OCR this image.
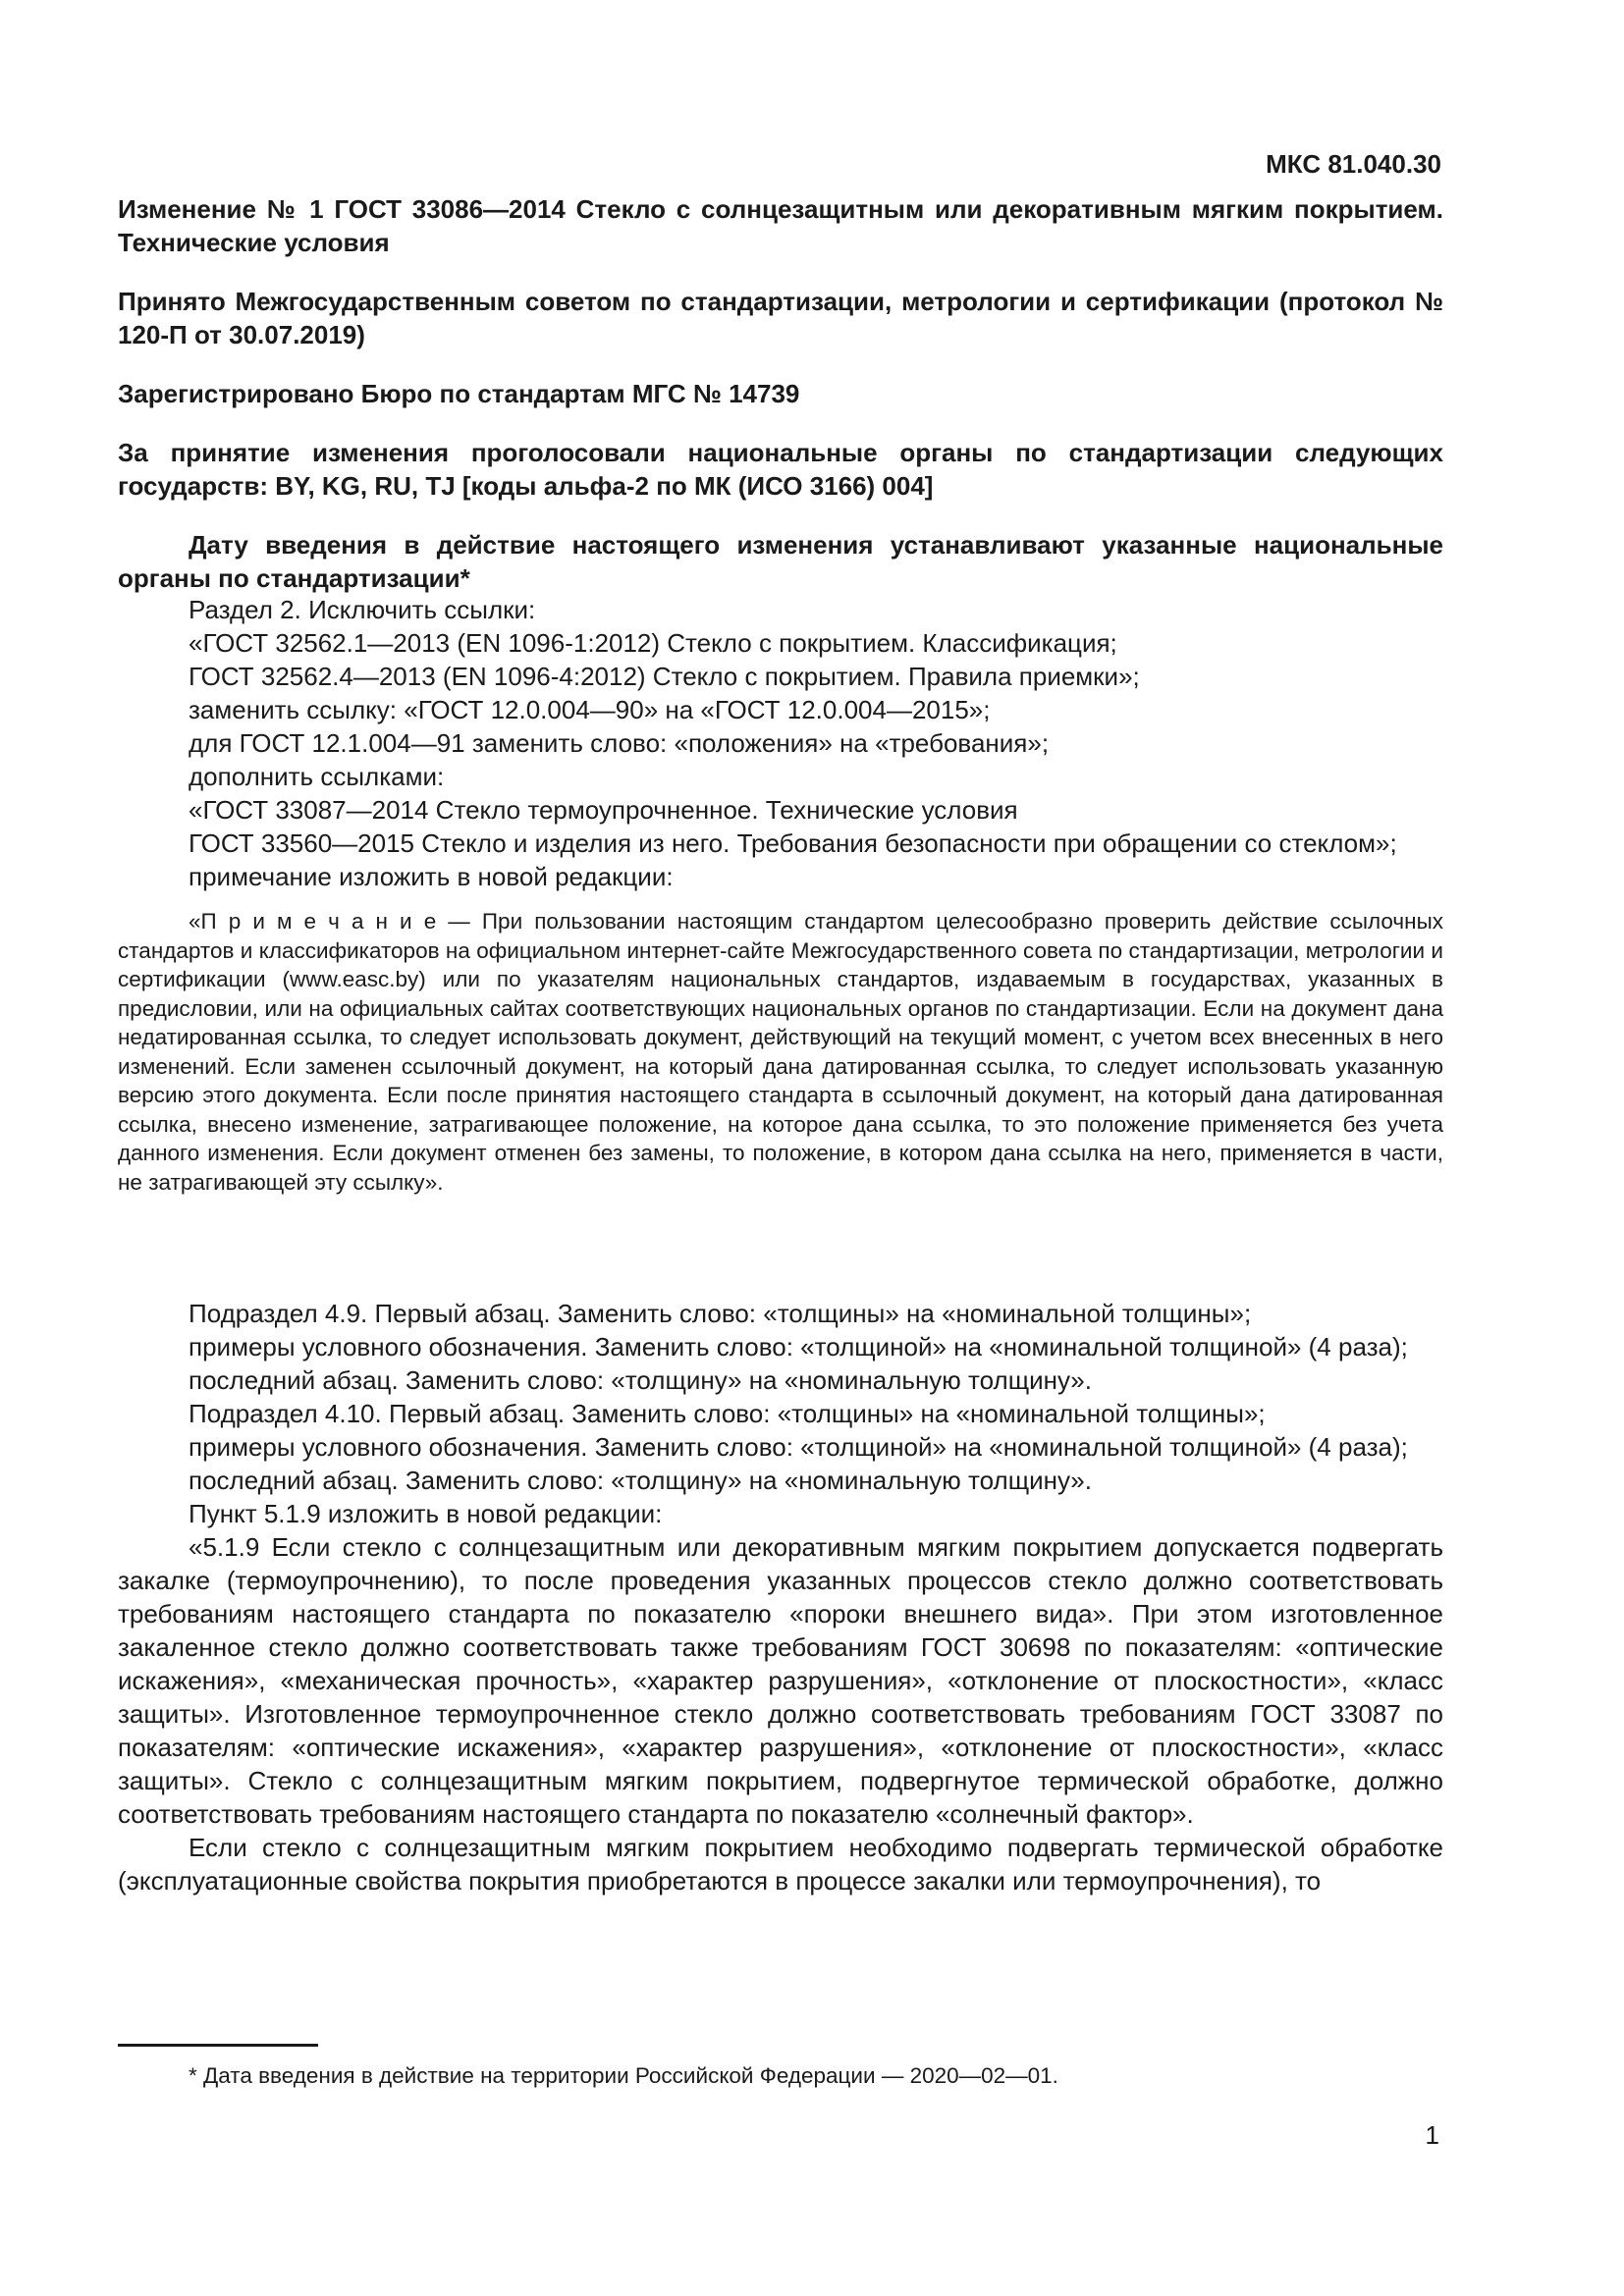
МКС 81.040.30

Изменение № 1 ГОСТ 33086—2014 Стекло с солнцезащитным или декоративным мягким покрытием. Технические условия

Принято Межгосударственным советом по стандартизации, метрологии и сертификации (протокол № 120-П от 30.07.2019)

Зарегистрировано Бюро по стандартам МГС № 14739

За принятие изменения проголосовали национальные органы по стандартизации следующих государств: BY, KG, RU, TJ [коды альфа-2 по МК (ИСО 3166) 004]

Дату введения в действие настоящего изменения устанавливают указанные национальные органы по стандартизации*

Раздел 2. Исключить ссылки:

«ГОСТ 32562.1—2013 (EN 1096-1:2012) Стекло с покрытием. Классификация;

ГОСТ 32562.4—2013 (EN 1096-4:2012) Стекло с покрытием. Правила приемки»;

заменить ссылку: «ГОСТ 12.0.004—90» на «ГОСТ 12.0.004—2015»;

для ГОСТ 12.1.004—91 заменить слово: «положения» на «требования»;

дополнить ссылками:

«ГОСТ 33087—2014 Стекло термоупрочненное. Технические условия

ГОСТ 33560—2015 Стекло и изделия из него. Требования безопасности при обращении со стеклом»;

примечание изложить в новой редакции:

«П р и м е ч а н и е — При пользовании настоящим стандартом целесообразно проверить действие ссылочных стандартов и классификаторов на официальном интернет-сайте Межгосударственного совета по стандартизации, метрологии и сертификации (www.easc.by) или по указателям национальных стандартов, издаваемым в государствах, указанных в предисловии, или на официальных сайтах соответствующих национальных органов по стандартизации. Если на документ дана недатированная ссылка, то следует использовать документ, действующий на текущий момент, с учетом всех внесенных в него изменений. Если заменен ссылочный документ, на который дана датированная ссылка, то следует использовать указанную версию этого документа. Если после принятия настоящего стандарта в ссылочный документ, на который дана датированная ссылка, внесено изменение, затрагивающее положение, на которое дана ссылка, то это положение применяется без учета данного изменения. Если документ отменен без замены, то положение, в котором дана ссылка на него, применяется в части, не затрагивающей эту ссылку».

Подраздел 4.9. Первый абзац. Заменить слово: «толщины» на «номинальной толщины»;

примеры условного обозначения. Заменить слово: «толщиной» на «номинальной толщиной» (4 раза);

последний абзац. Заменить слово: «толщину» на «номинальную толщину».

Подраздел 4.10. Первый абзац. Заменить слово: «толщины» на «номинальной толщины»;

примеры условного обозначения. Заменить слово: «толщиной» на «номинальной толщиной» (4 раза);

последний абзац. Заменить слово: «толщину» на «номинальную толщину».

Пункт 5.1.9 изложить в новой редакции:

«5.1.9 Если стекло с солнцезащитным или декоративным мягким покрытием допускается подвергать закалке (термоупрочнению), то после проведения указанных процессов стекло должно соответствовать требованиям настоящего стандарта по показателю «пороки внешнего вида». При этом изготовленное закаленное стекло должно соответствовать также требованиям ГОСТ 30698 по показателям: «оптические искажения», «механическая прочность», «характер разрушения», «отклонение от плоскостности», «класс защиты». Изготовленное термоупрочненное стекло должно соответствовать требованиям ГОСТ 33087 по показателям: «оптические искажения», «характер разрушения», «отклонение от плоскостности», «класс защиты». Стекло с солнцезащитным мягким покрытием, подвергнутое термической обработке, должно соответствовать требованиям настоящего стандарта по показателю «солнечный фактор».

Если стекло с солнцезащитным мягким покрытием необходимо подвергать термической обработке (эксплуатационные свойства покрытия приобретаются в процессе закалки или термоупрочнения), то

* Дата введения в действие на территории Российской Федерации — 2020—02—01.
1
